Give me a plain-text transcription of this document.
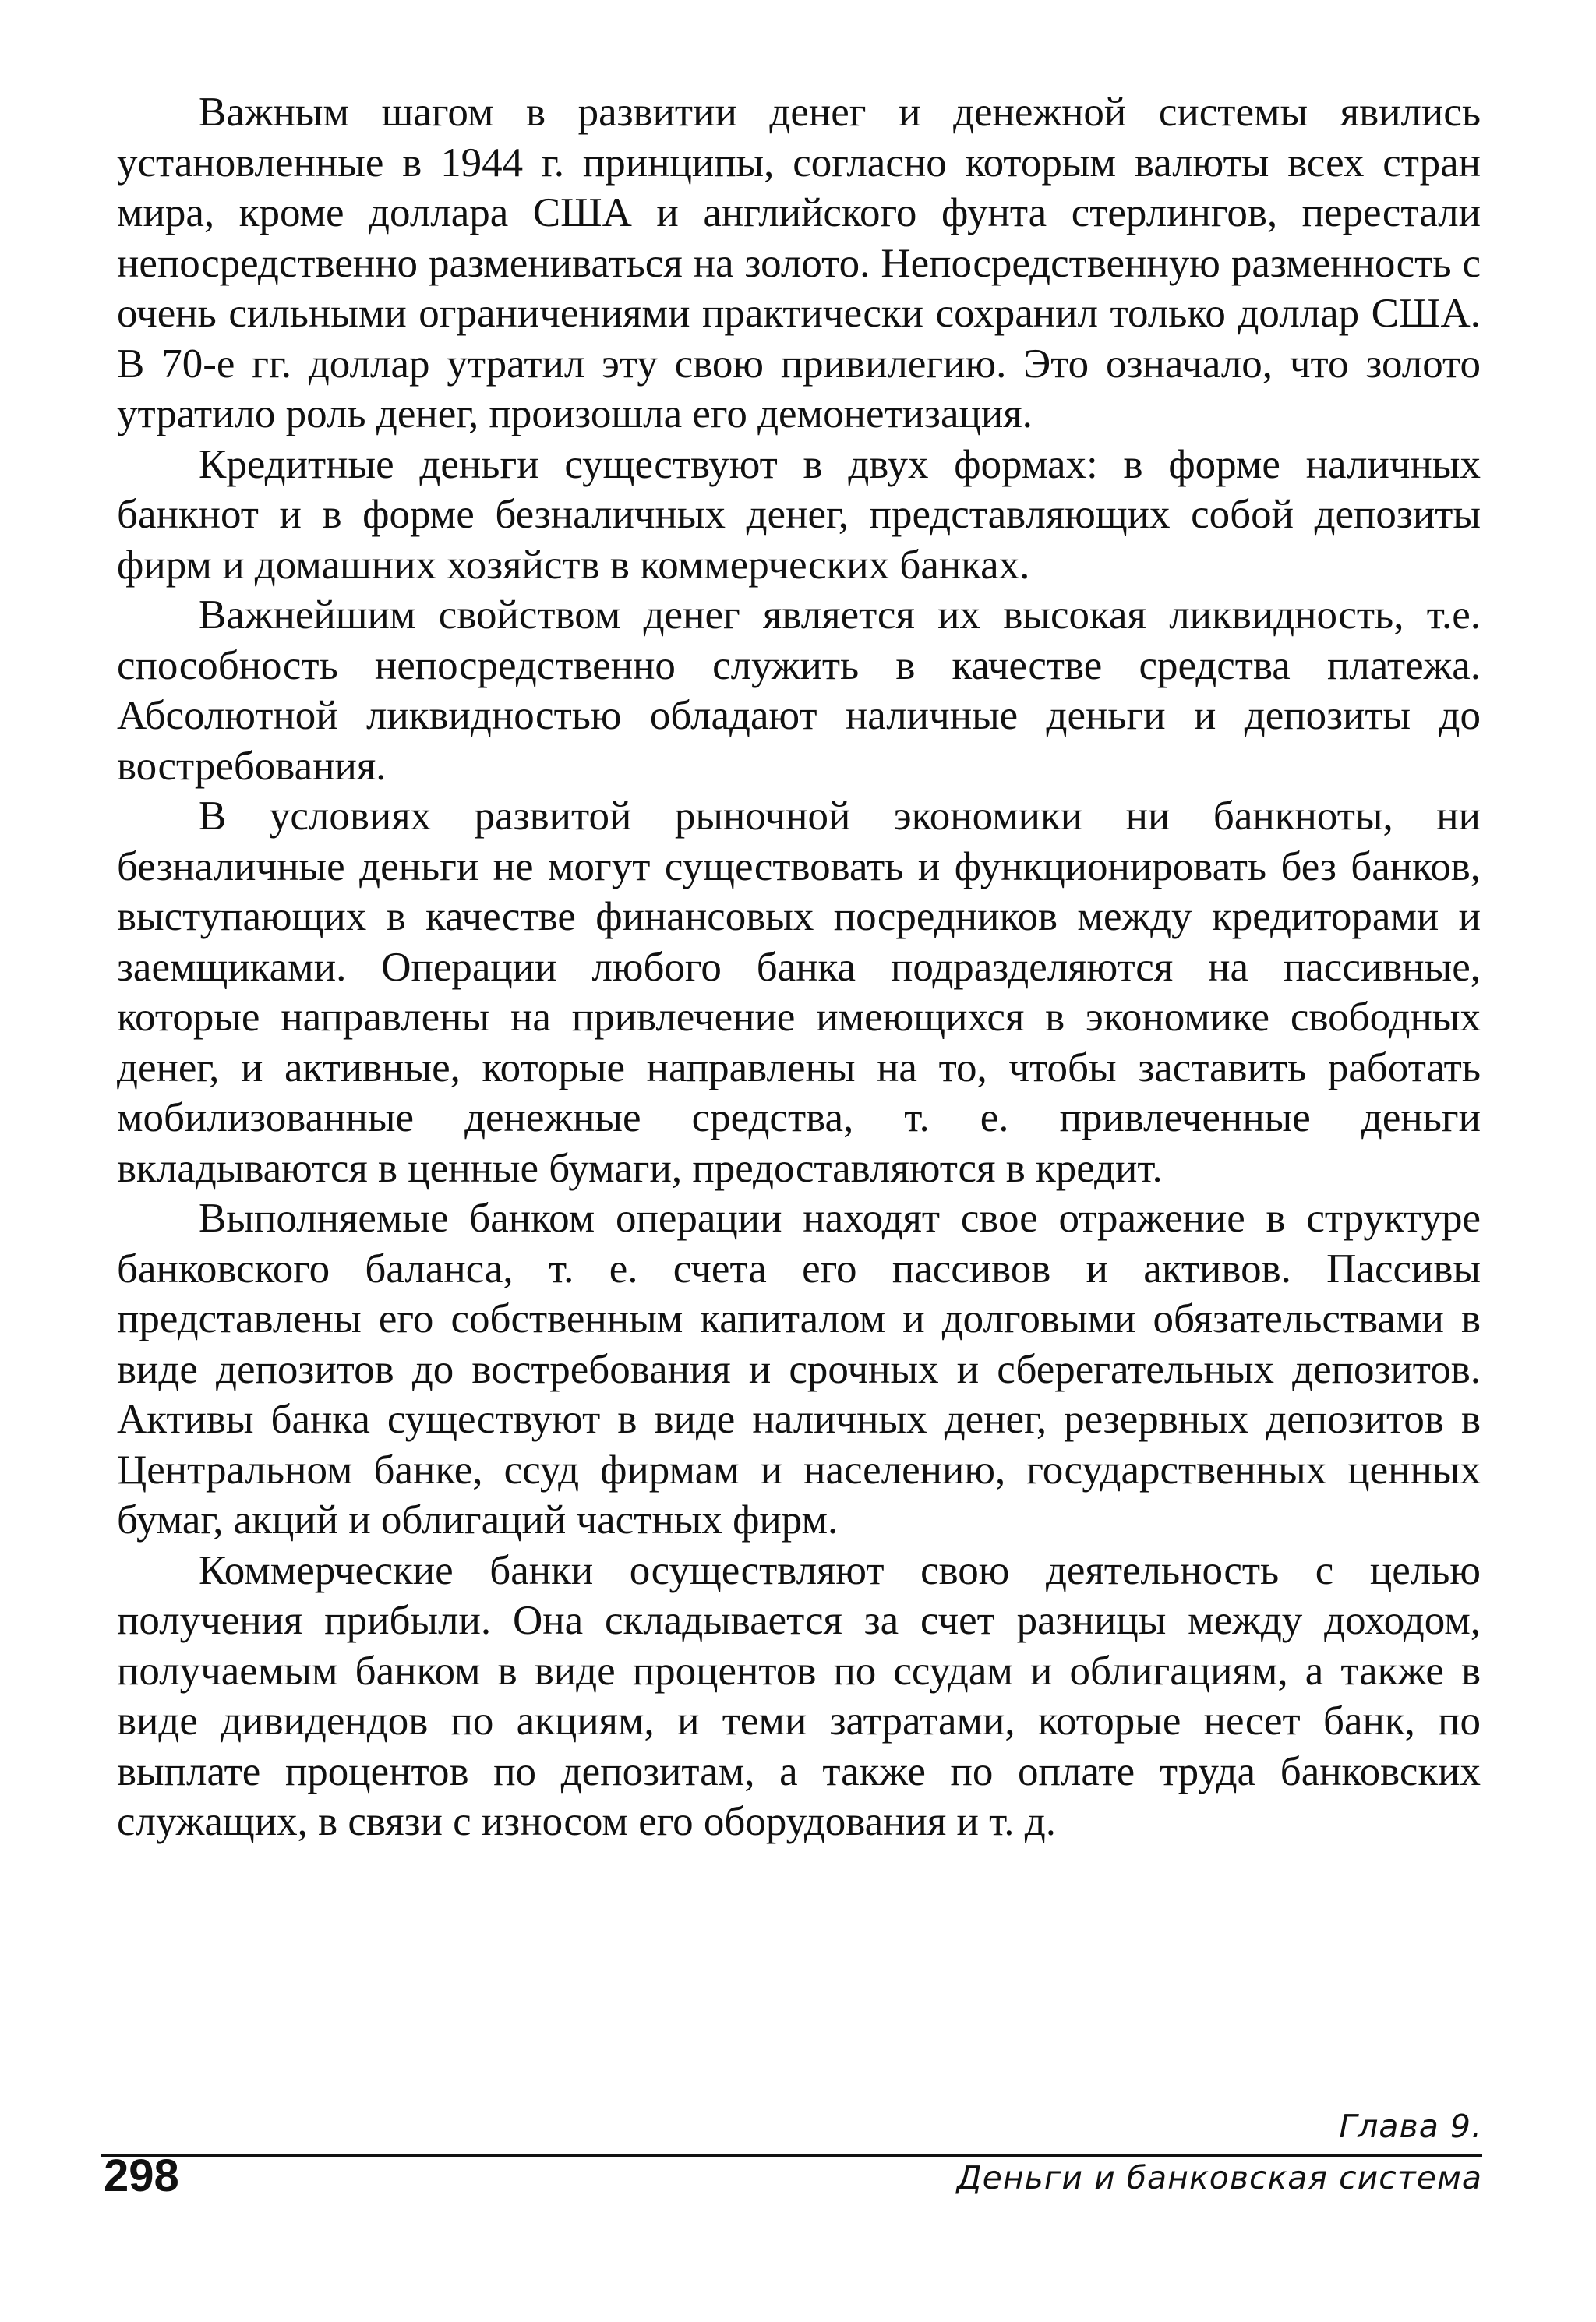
Важным шагом в развитии денег и денежной системы явились установленные в 1944 г. принципы, согласно которым валюты всех стран мира, кроме доллара США и английского фунта стерлингов, перестали непосредственно размениваться на золото. Непосредственную разменность с очень сильными ограничениями практически сохранил только доллар США. В 70-е гг. доллар утратил эту свою привилегию. Это означало, что золото утратило роль денег, произошла его демонетизация.

Кредитные деньги существуют в двух формах: в форме наличных банкнот и в форме безналичных денег, представляющих собой депозиты фирм и домашних хозяйств в коммерческих банках.

Важнейшим свойством денег является их высокая ликвидность, т.е. способность непосредственно служить в качестве средства платежа. Абсолютной ликвидностью обладают наличные деньги и депозиты до востребования.

В условиях развитой рыночной экономики ни банкноты, ни безналичные деньги не могут существовать и функционировать без банков, выступающих в качестве финансовых посредников между кредиторами и заемщиками. Операции любого банка подразделяются на пассивные, которые направлены на привлечение имеющихся в экономике свободных денег, и активные, которые направлены на то, чтобы заставить работать мобилизованные денежные средства, т. е. привлеченные деньги вкладываются в ценные бумаги, предоставляются в кредит.

Выполняемые банком операции находят свое отражение в структуре банковского баланса, т. е. счета его пассивов и активов. Пассивы представлены его собственным капиталом и долговыми обязательствами в виде депозитов до востребования и срочных и сберегательных депозитов. Активы банка существуют в виде наличных денег, резервных депозитов в Центральном банке, ссуд фирмам и населению, государственных ценных бумаг, акций и облигаций частных фирм.

Коммерческие банки осуществляют свою деятельность с целью получения прибыли. Она складывается за счет разницы между доходом, получаемым банком в виде процентов по ссудам и облигациям, а также в виде дивидендов по акциям, и теми затратами, которые несет банк, по выплате процентов по депозитам, а также по оплате труда банковских служащих, в связи с износом его оборудования и т. д.

Глава 9.
298	Деньги и банковская система
